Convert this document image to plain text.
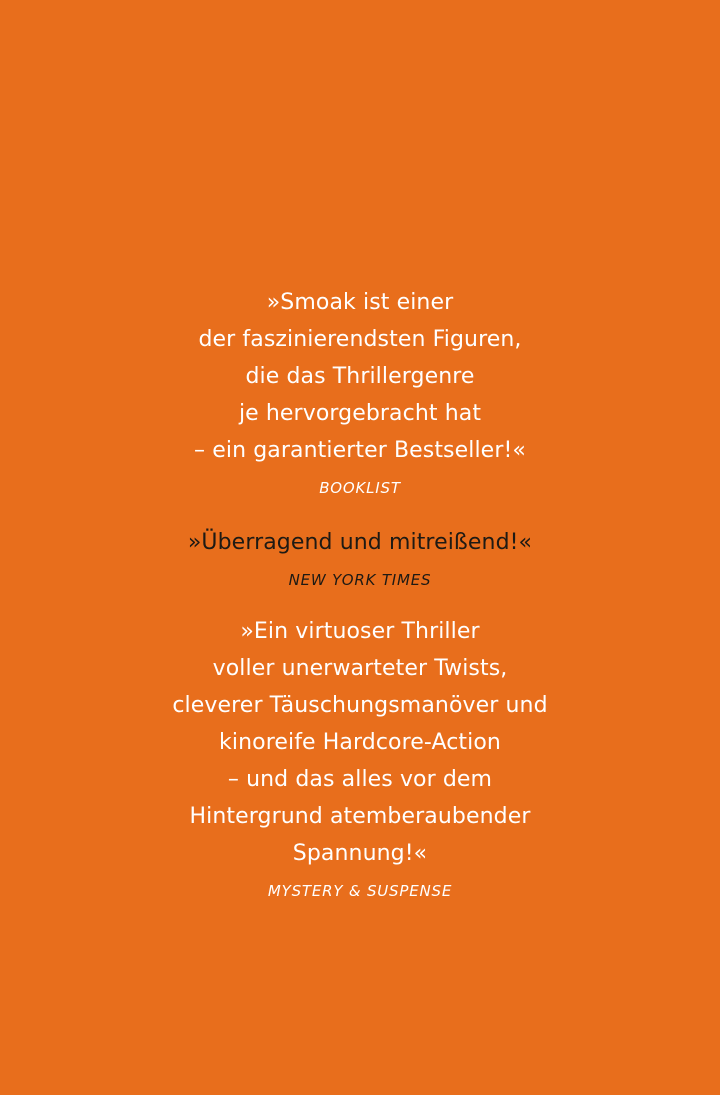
»Smoak ist einer
der faszinierendsten Figuren,
die das Thrillergenre
je hervorgebracht hat
– ein garantierter Bestseller!«
BOOKLIST
»Überragend und mitreißend!«
NEW YORK TIMES
»Ein virtuoser Thriller
voller unerwarteter Twists,
cleverer Täuschungsmanöver und
kinoreife Hardcore-Action
– und das alles vor dem
Hintergrund atemberaubender
Spannung!«
MYSTERY & SUSPENSE
